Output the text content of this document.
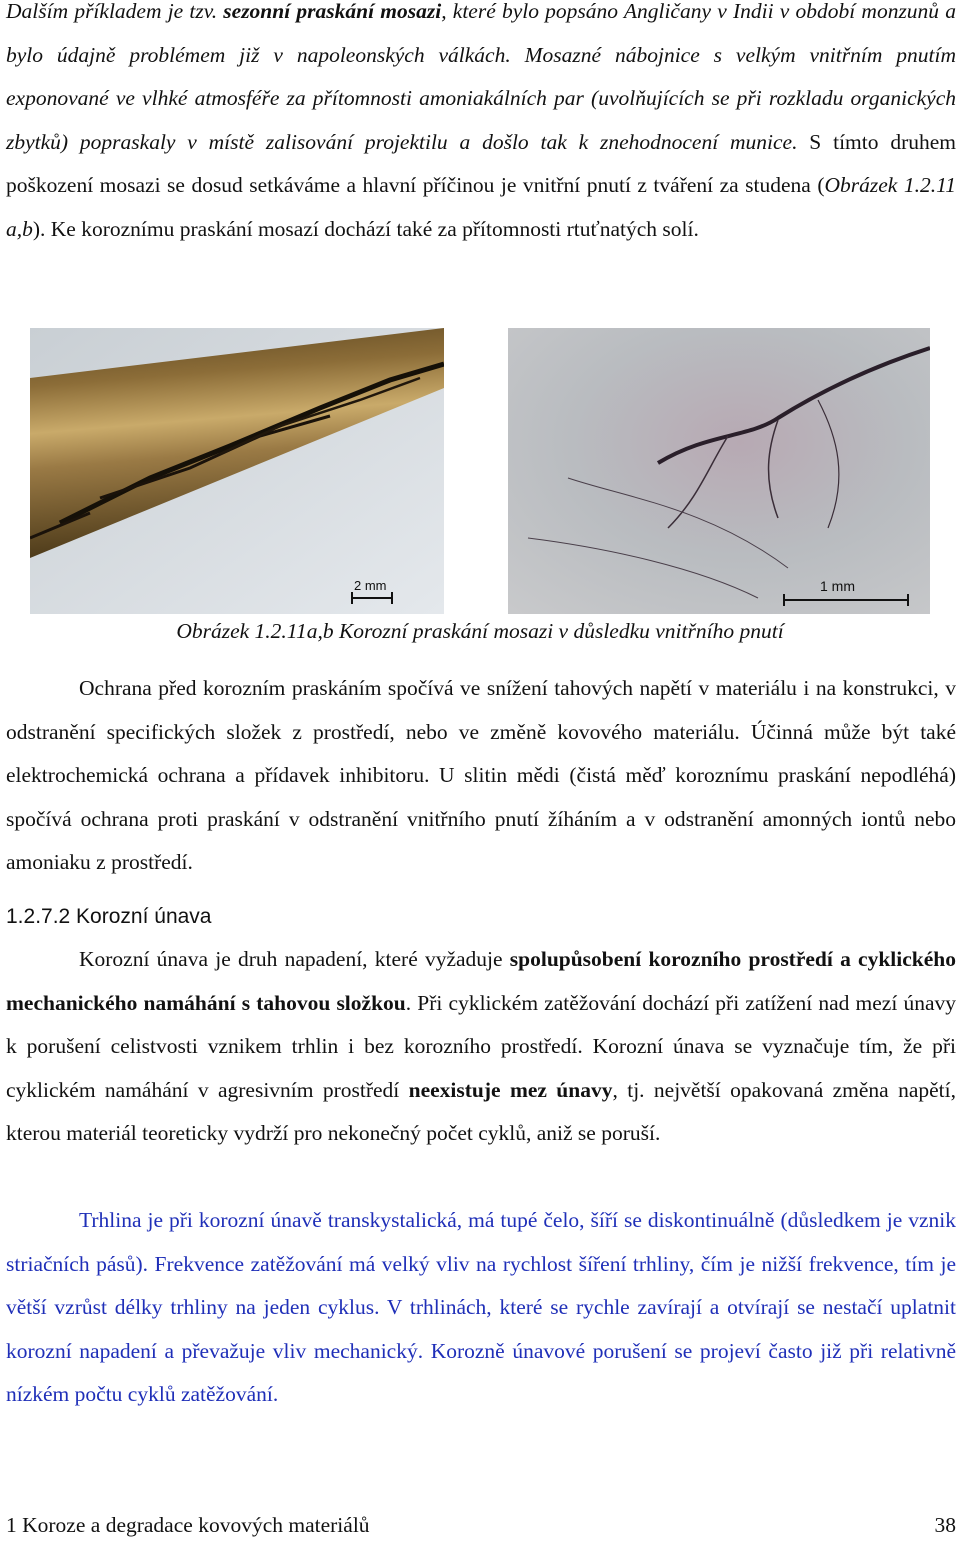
Dalším příkladem je tzv. sezonní praskání mosazi, které bylo popsáno Angličany v Indii v období monzunů a bylo údajně problémem již v napoleonských válkách. Mosazné nábojnice s velkým vnitřním pnutím exponované ve vlhké atmosféře za přítomnosti amoniakálních par (uvolňujících se při rozkladu organických zbytků) popraskaly v místě zalisování projektilu a došlo tak k znehodnocení munice. S tímto druhem poškození mosazi se dosud setkáváme a hlavní příčinou je vnitřní pnutí z tváření za studena (Obrázek 1.2.11 a,b). Ke koroznímu praskání mosazí dochází také za přítomnosti rtuťnatých solí.

2 mm	1 mm
Obrázek 1.2.11a,b Korozní praskání mosazi v důsledku vnitřního pnutí

Ochrana před korozním praskáním spočívá ve snížení tahových napětí v materiálu i na konstrukci, v odstranění specifických složek z prostředí, nebo ve změně kovového materiálu. Účinná může být také elektrochemická ochrana a přídavek inhibitoru. U slitin mědi (čistá měď koroznímu praskání nepodléhá) spočívá ochrana proti praskání v odstranění vnitřního pnutí žíháním a v odstranění amonných iontů nebo amoniaku z prostředí.

1.2.7.2 Korozní únava

Korozní únava je druh napadení, které vyžaduje spolupůsobení korozního prostředí a cyklického mechanického namáhání s tahovou složkou. Při cyklickém zatěžování dochází při zatížení nad mezí únavy k porušení celistvosti vznikem trhlin i bez korozního prostředí. Korozní únava se vyznačuje tím, že při cyklickém namáhání v agresivním prostředí neexistuje mez únavy, tj. největší opakovaná změna napětí, kterou materiál teoreticky vydrží pro nekonečný počet cyklů, aniž se poruší.

Trhlina je při korozní únavě transkystalická, má tupé čelo, šíří se diskontinuálně (důsledkem je vznik striačních pásů). Frekvence zatěžování má velký vliv na rychlost šíření trhliny, čím je nižší frekvence, tím je větší vzrůst délky trhliny na jeden cyklus. V trhlinách, které se rychle zavírají a otvírají se nestačí uplatnit korozní napadení a převažuje vliv mechanický. Korozně únavové porušení se projeví často již při relativně nízkém počtu cyklů zatěžování.

1 Koroze a degradace kovových materiálů	38
